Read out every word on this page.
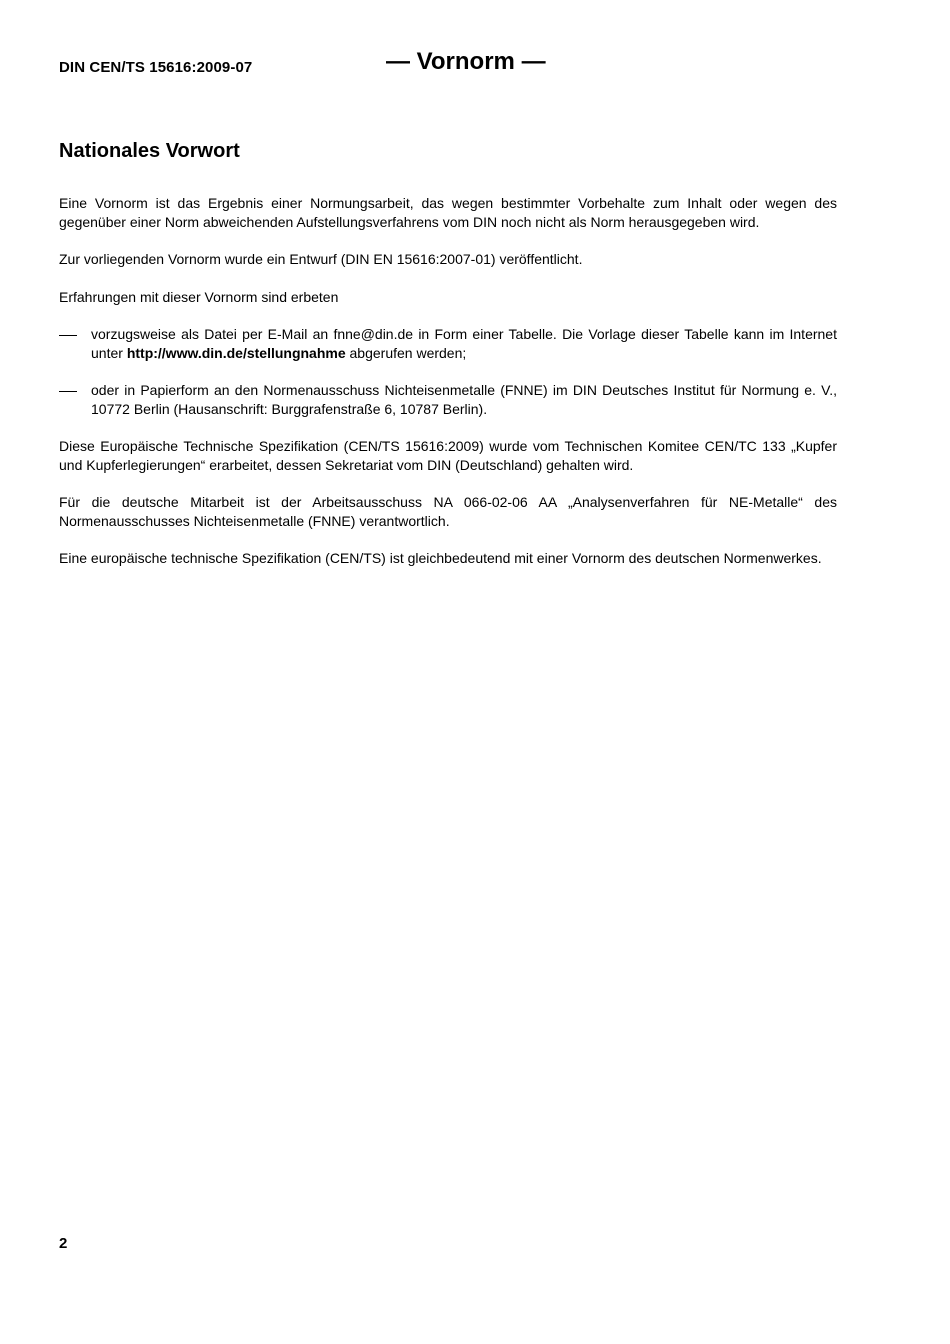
DIN CEN/TS 15616:2009-07	— Vornorm —
Nationales Vorwort

Eine Vornorm ist das Ergebnis einer Normungsarbeit, das wegen bestimmter Vorbehalte zum Inhalt oder wegen des gegenüber einer Norm abweichenden Aufstellungsverfahrens vom DIN noch nicht als Norm herausgegeben wird.

Zur vorliegenden Vornorm wurde ein Entwurf (DIN EN 15616:2007-01) veröffentlicht.

Erfahrungen mit dieser Vornorm sind erbeten

vorzugsweise als Datei per E-Mail an fnne@din.de in Form einer Tabelle. Die Vorlage dieser Tabelle kann im Internet unter http://www.din.de/stellungnahme abgerufen werden;
oder in Papierform an den Normenausschuss Nichteisenmetalle (FNNE) im DIN Deutsches Institut für Normung e. V., 10772 Berlin (Hausanschrift: Burggrafenstraße 6, 10787 Berlin).

Diese Europäische Technische Spezifikation (CEN/TS 15616:2009) wurde vom Technischen Komitee CEN/TC 133 „Kupfer und Kupferlegierungen“ erarbeitet, dessen Sekretariat vom DIN (Deutschland) gehalten wird.

Für die deutsche Mitarbeit ist der Arbeitsausschuss NA 066-02-06 AA „Analysenverfahren für NE-Metalle“ des Normenausschusses Nichteisenmetalle (FNNE) verantwortlich.

Eine europäische technische Spezifikation (CEN/TS) ist gleichbedeutend mit einer Vornorm des deutschen Normenwerkes.

2
